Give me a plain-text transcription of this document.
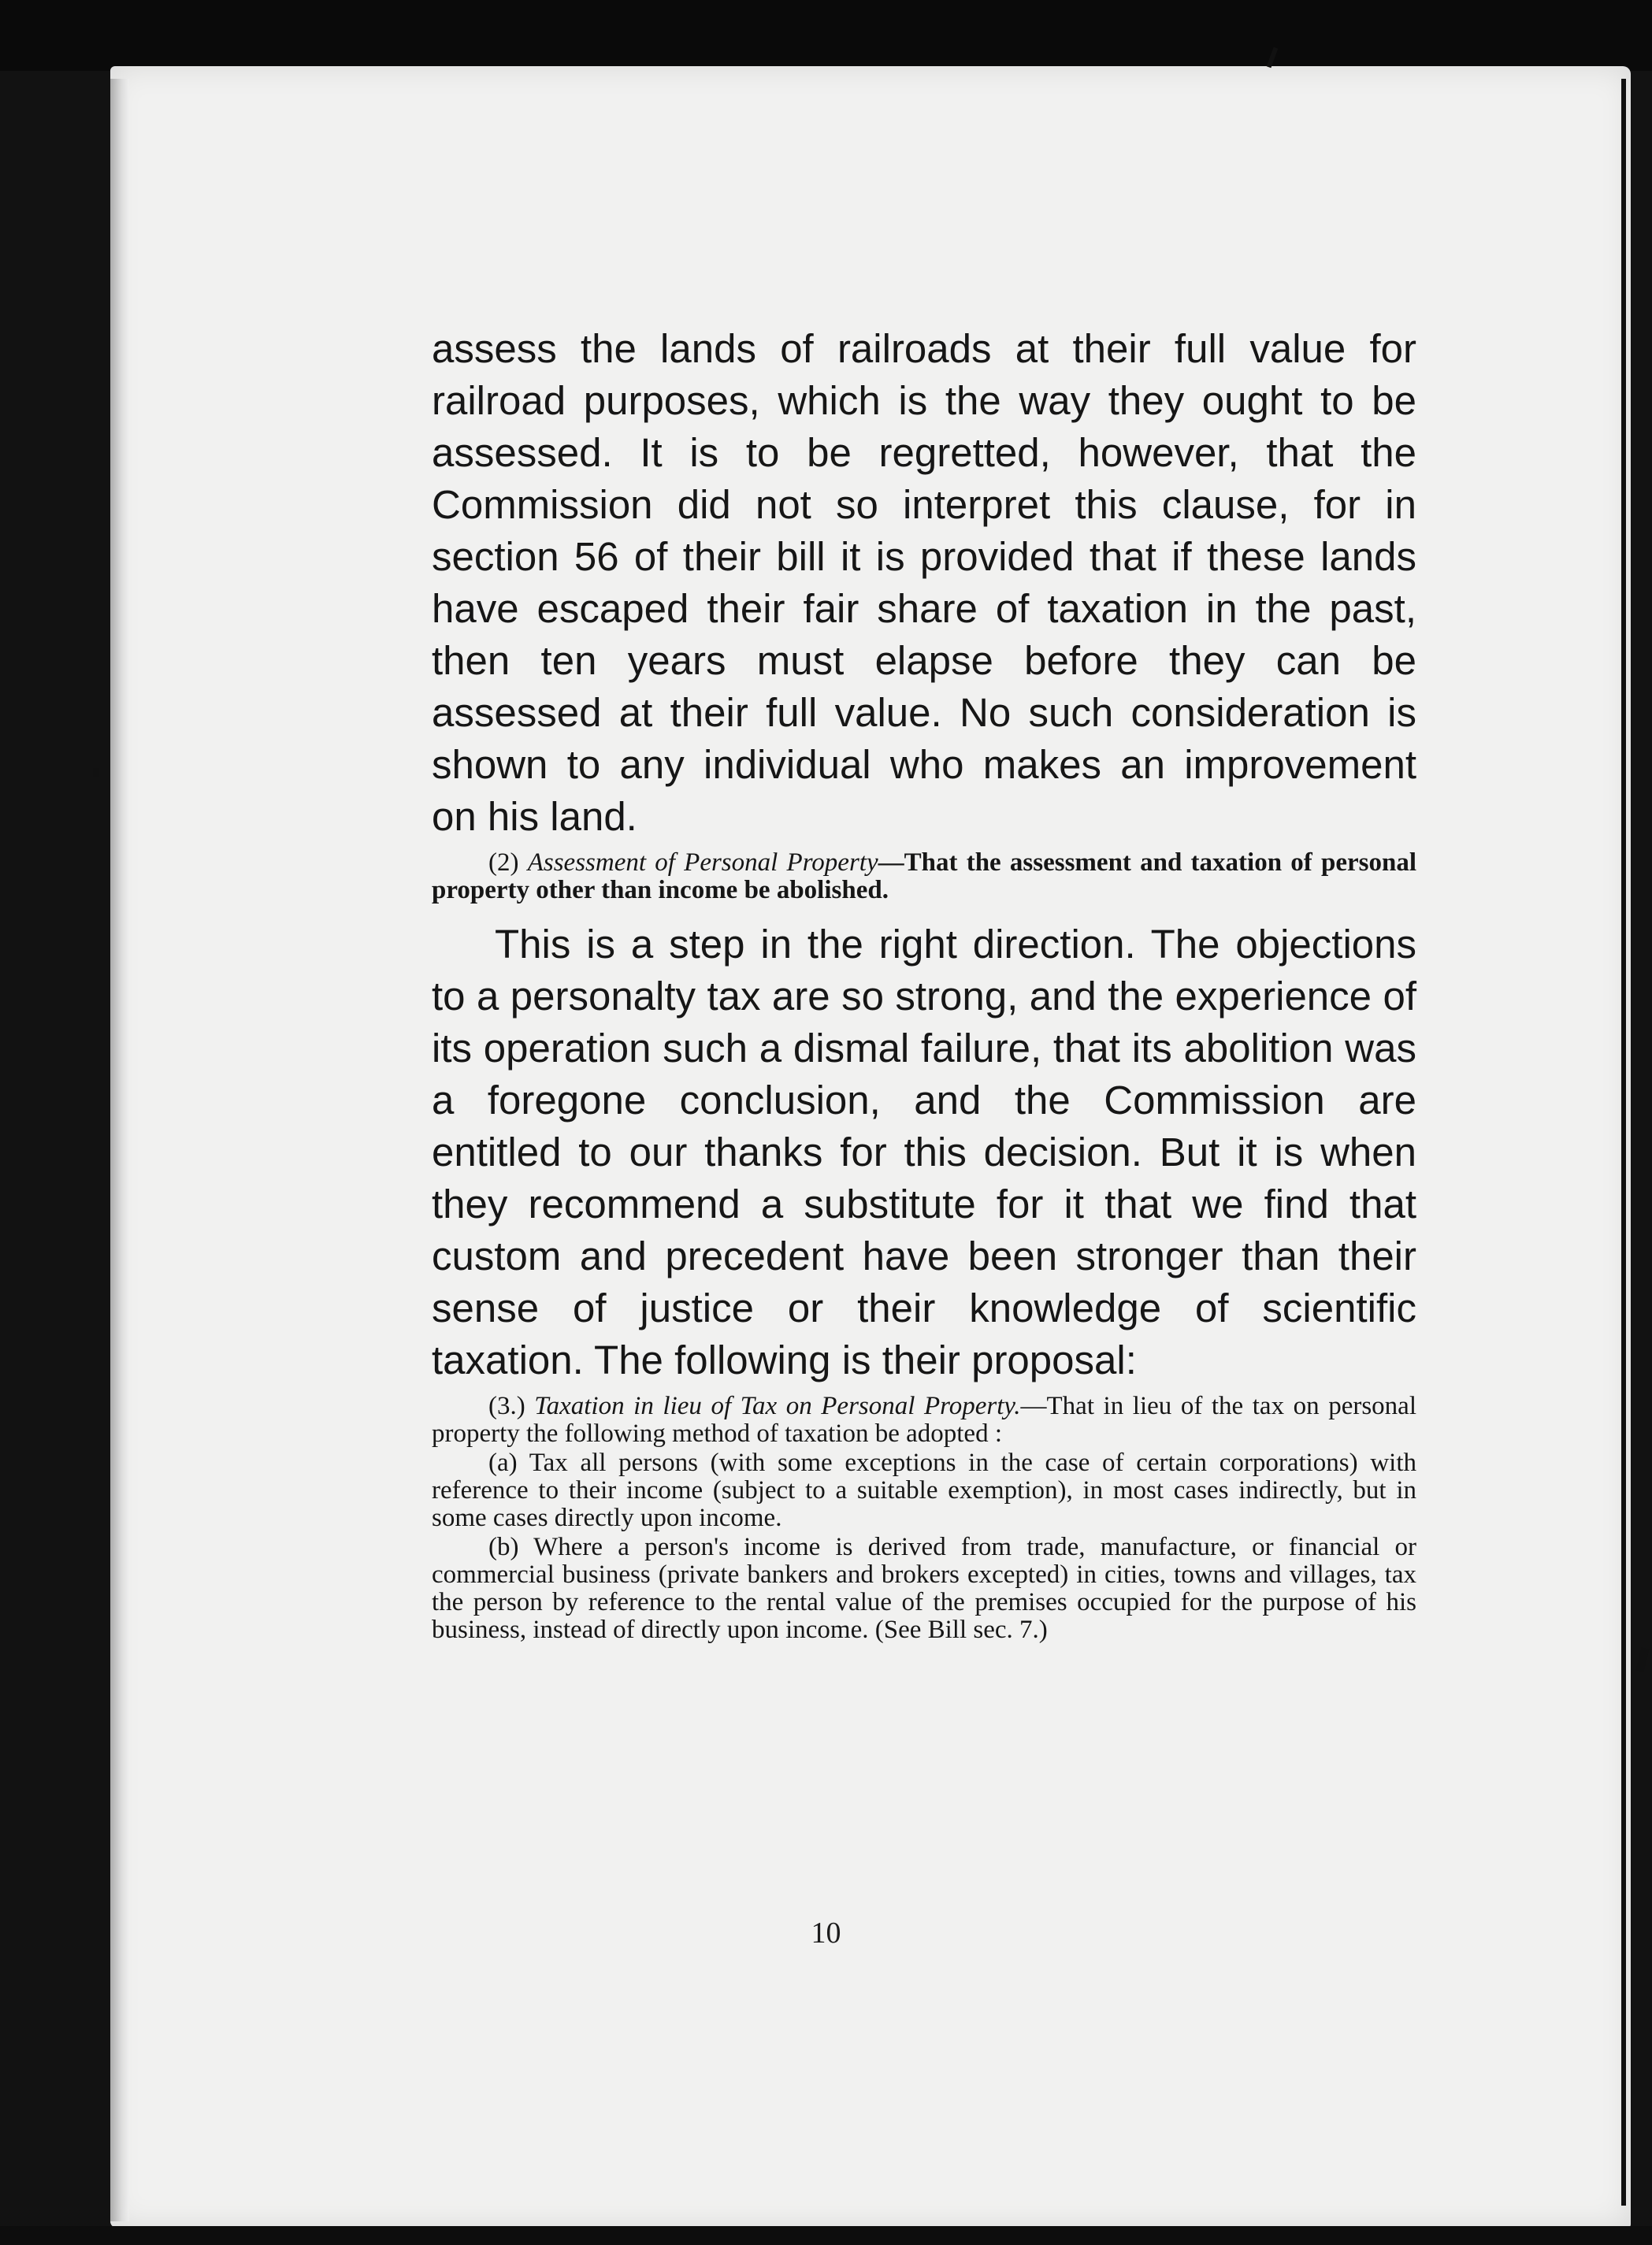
assess the lands of railroads at their full value for railroad purposes, which is the way they ought to be assessed. It is to be regretted, however, that the Commission did not so interpret this clause, for in section 56 of their bill it is provided that if these lands have escaped their fair share of taxation in the past, then ten years must elapse before they can be assessed at their full value. No such consideration is shown to any individual who makes an improvement on his land.

(2) Assessment of Personal Property—That the assessment and taxation of personal property other than income be abolished.

This is a step in the right direction. The objections to a personalty tax are so strong, and the experience of its operation such a dismal failure, that its abolition was a foregone conclusion, and the Commission are entitled to our thanks for this decision. But it is when they recommend a substitute for it that we find that custom and precedent have been stronger than their sense of justice or their knowledge of scientific taxation. The following is their proposal:

(3.) Taxation in lieu of Tax on Personal Property.—That in lieu of the tax on personal property the following method of taxation be adopted :

(a) Tax all persons (with some exceptions in the case of certain corporations) with reference to their income (subject to a suitable exemption), in most cases indirectly, but in some cases directly upon income.

(b) Where a person's income is derived from trade, manufacture, or financial or commercial business (private bankers and brokers excepted) in cities, towns and villages, tax the person by reference to the rental value of the premises occupied for the purpose of his business, instead of directly upon income. (See Bill sec. 7.)

10
